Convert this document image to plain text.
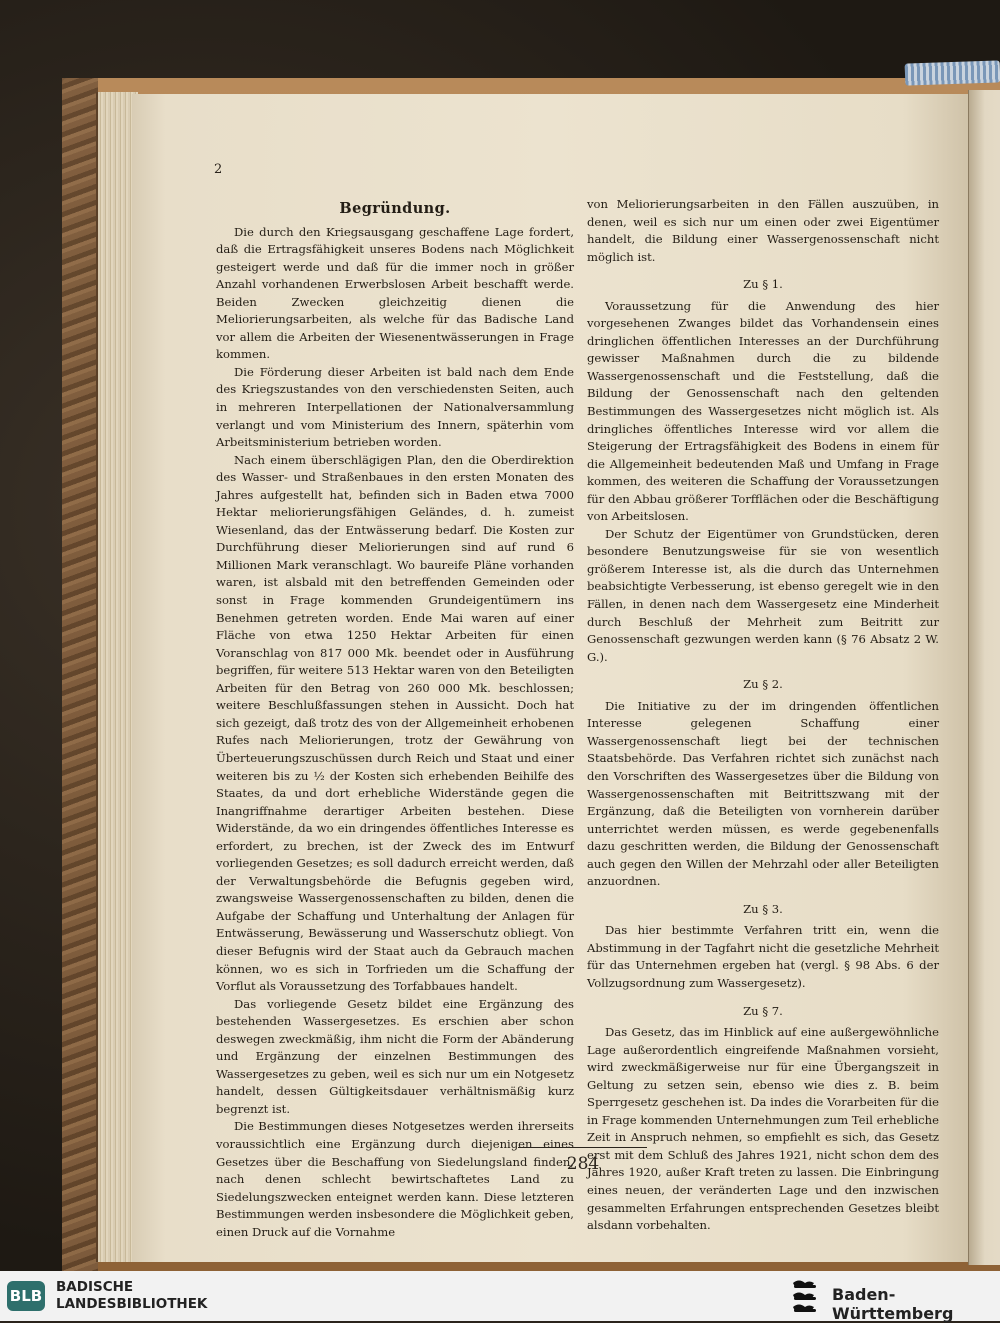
2
Begründung.

Die durch den Kriegsausgang geschaffene Lage fordert, daß die Ertragsfähigkeit unseres Bodens nach Möglichkeit gesteigert werde und daß für die immer noch in größer Anzahl vorhandenen Erwerbslosen Arbeit beschafft werde. Beiden Zwecken gleichzeitig dienen die Meliorierungsarbeiten, als welche für das Badische Land vor allem die Arbeiten der Wiesenentwässerungen in Frage kommen.

Die Förderung dieser Arbeiten ist bald nach dem Ende des Kriegszustandes von den verschiedensten Seiten, auch in mehreren Interpellationen der Nationalversammlung verlangt und vom Ministerium des Innern, späterhin vom Arbeitsministerium betrieben worden.

Nach einem überschlägigen Plan, den die Oberdirektion des Wasser- und Straßenbaues in den ersten Monaten des Jahres aufgestellt hat, befinden sich in Baden etwa 7000 Hektar meliorierungsfähigen Geländes, d. h. zumeist Wiesenland, das der Entwässerung bedarf. Die Kosten zur Durchführung dieser Meliorierungen sind auf rund 6 Millionen Mark veranschlagt. Wo baureife Pläne vorhanden waren, ist alsbald mit den betreffenden Gemeinden oder sonst in Frage kommenden Grundeigentümern ins Benehmen getreten worden. Ende Mai waren auf einer Fläche von etwa 1250 Hektar Arbeiten für einen Voranschlag von 817 000 Mk. beendet oder in Ausführung begriffen, für weitere 513 Hektar waren von den Beteiligten Arbeiten für den Betrag von 260 000 Mk. beschlossen; weitere Beschlußfassungen stehen in Aussicht. Doch hat sich gezeigt, daß trotz des von der Allgemeinheit erhobenen Rufes nach Meliorierungen, trotz der Gewährung von Überteuerungszuschüssen durch Reich und Staat und einer weiteren bis zu ½ der Kosten sich erhebenden Beihilfe des Staates, da und dort erhebliche Widerstände gegen die Inangriffnahme derartiger Arbeiten bestehen. Diese Widerstände, da wo ein dringendes öffentliches Interesse es erfordert, zu brechen, ist der Zweck des im Entwurf vorliegenden Gesetzes; es soll dadurch erreicht werden, daß der Verwaltungsbehörde die Befugnis gegeben wird, zwangsweise Wassergenossenschaften zu bilden, denen die Aufgabe der Schaffung und Unterhaltung der Anlagen für Entwässerung, Bewässerung und Wasserschutz obliegt. Von dieser Befugnis wird der Staat auch da Gebrauch machen können, wo es sich in Torfrieden um die Schaffung der Vorflut als Voraussetzung des Torfabbaues handelt.

Das vorliegende Gesetz bildet eine Ergänzung des bestehenden Wassergesetzes. Es erschien aber schon deswegen zweckmäßig, ihm nicht die Form der Abänderung und Ergänzung der einzelnen Bestimmungen des Wassergesetzes zu geben, weil es sich nur um ein Notgesetz handelt, dessen Gültigkeitsdauer verhältnismäßig kurz begrenzt ist.

Die Bestimmungen dieses Notgesetzes werden ihrerseits voraussichtlich eine Ergänzung durch diejenigen eines Gesetzes über die Beschaffung von Siedelungsland finden, nach denen schlecht bewirtschaftetes Land zu Siedelungszwecken enteignet werden kann. Diese letzteren Bestimmungen werden insbesondere die Möglichkeit geben, einen Druck auf die Vornahme

von Meliorierungsarbeiten in den Fällen auszuüben, in denen, weil es sich nur um einen oder zwei Eigentümer handelt, die Bildung einer Wassergenossenschaft nicht möglich ist.

Zu § 1.

Voraussetzung für die Anwendung des hier vorgesehenen Zwanges bildet das Vorhandensein eines dringlichen öffentlichen Interesses an der Durchführung gewisser Maßnahmen durch die zu bildende Wassergenossenschaft und die Feststellung, daß die Bildung der Genossenschaft nach den geltenden Bestimmungen des Wassergesetzes nicht möglich ist. Als dringliches öffentliches Interesse wird vor allem die Steigerung der Ertragsfähigkeit des Bodens in einem für die Allgemeinheit bedeutenden Maß und Umfang in Frage kommen, des weiteren die Schaffung der Voraussetzungen für den Abbau größerer Torfflächen oder die Beschäftigung von Arbeitslosen.

Der Schutz der Eigentümer von Grundstücken, deren besondere Benutzungsweise für sie von wesentlich größerem Interesse ist, als die durch das Unternehmen beabsichtigte Verbesserung, ist ebenso geregelt wie in den Fällen, in denen nach dem Wassergesetz eine Minderheit durch Beschluß der Mehrheit zum Beitritt zur Genossenschaft gezwungen werden kann (§ 76 Absatz 2 W. G.).

Zu § 2.

Die Initiative zu der im dringenden öffentlichen Interesse gelegenen Schaffung einer Wassergenossenschaft liegt bei der technischen Staatsbehörde. Das Verfahren richtet sich zunächst nach den Vorschriften des Wassergesetzes über die Bildung von Wassergenossenschaften mit Beitrittszwang mit der Ergänzung, daß die Beteiligten von vornherein darüber unterrichtet werden müssen, es werde gegebenenfalls dazu geschritten werden, die Bildung der Genossenschaft auch gegen den Willen der Mehrzahl oder aller Beteiligten anzuordnen.

Zu § 3.

Das hier bestimmte Verfahren tritt ein, wenn die Abstimmung in der Tagfahrt nicht die gesetzliche Mehrheit für das Unternehmen ergeben hat (vergl. § 98 Abs. 6 der Vollzugsordnung zum Wassergesetz).

Zu § 7.

Das Gesetz, das im Hinblick auf eine außergewöhnliche Lage außerordentlich eingreifende Maßnahmen vorsieht, wird zweckmäßigerweise nur für eine Übergangszeit in Geltung zu setzen sein, ebenso wie dies z. B. beim Sperrgesetz geschehen ist. Da indes die Vorarbeiten für die in Frage kommenden Unternehmungen zum Teil erhebliche Zeit in Anspruch nehmen, so empfiehlt es sich, das Gesetz erst mit dem Schluß des Jahres 1921, nicht schon dem des Jahres 1920, außer Kraft treten zu lassen. Die Einbringung eines neuen, der veränderten Lage und den inzwischen gesammelten Erfahrungen entsprechenden Gesetzes bleibt alsdann vorbehalten.

284
BLB BADISCHE
LANDESBIBLIOTHEK	Baden-Württemberg
